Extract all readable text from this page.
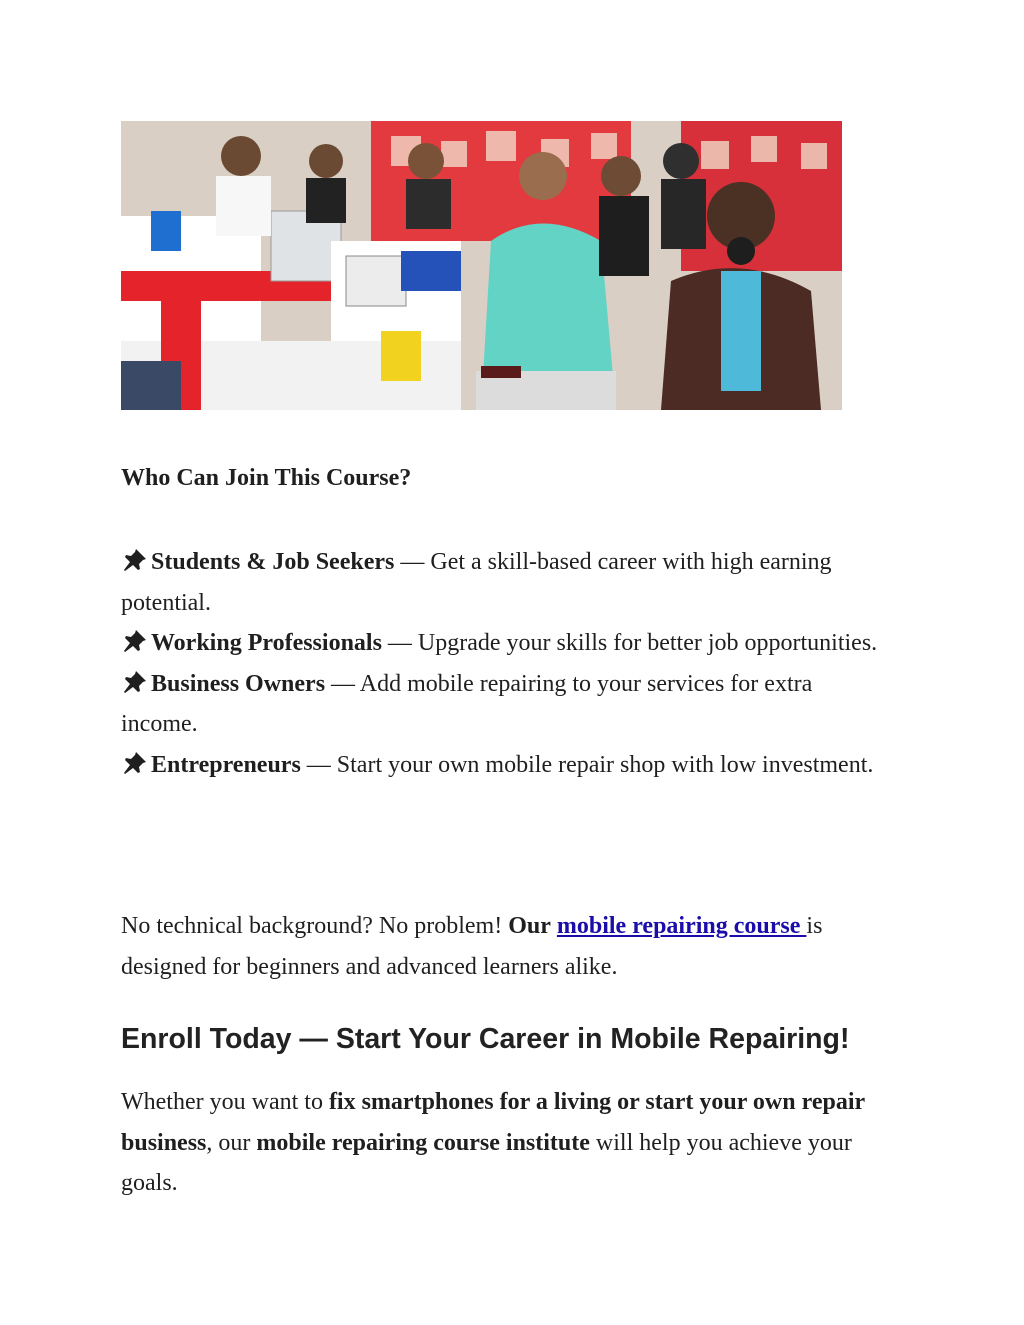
Who Can Join This Course?

Students & Job Seekers — Get a skill-based career with high earning potential.

Working Professionals — Upgrade your skills for better job opportunities.

Business Owners — Add mobile repairing to your services for extra income.

Entrepreneurs — Start your own mobile repair shop with low investment.

No technical background? No problem! Our mobile repairing course is designed for beginners and advanced learners alike.

Enroll Today — Start Your Career in Mobile Repairing!

Whether you want to fix smartphones for a living or start your own repair business, our mobile repairing course institute will help you achieve your goals.
